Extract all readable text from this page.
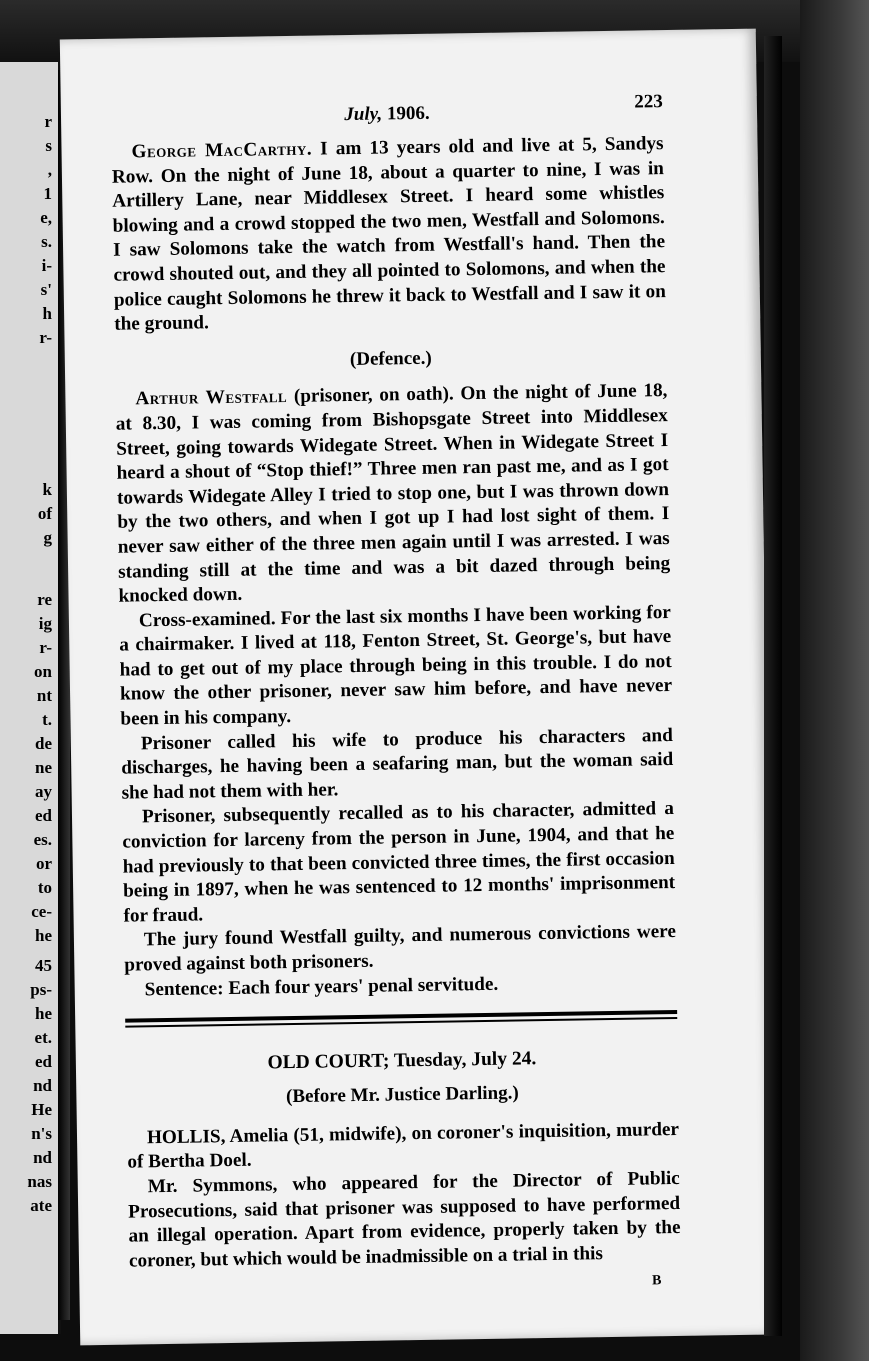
r
s
,
1
e,
s.
i-
s'
h
r-
k
of
g
re
ig
r-
on
nt
t.
de
ne
ay
ed
es.
or
to
ce-
he
45
ps-
he
et.
ed
nd
He
n's
nd
nas
ate
July, 1906.
223

George MacCarthy. I am 13 years old and live at 5, Sandys Row. On the night of June 18, about a quarter to nine, I was in Artillery Lane, near Middlesex Street. I heard some whistles blowing and a crowd stopped the two men, Westfall and Solomons. I saw Solomons take the watch from Westfall's hand. Then the crowd shouted out, and they all pointed to Solomons, and when the police caught Solomons he threw it back to Westfall and I saw it on the ground.

(Defence.)

Arthur Westfall (prisoner, on oath). On the night of June 18, at 8.30, I was coming from Bishopsgate Street into Middlesex Street, going towards Widegate Street. When in Widegate Street I heard a shout of “Stop thief!” Three men ran past me, and as I got towards Widegate Alley I tried to stop one, but I was thrown down by the two others, and when I got up I had lost sight of them. I never saw either of the three men again until I was arrested. I was standing still at the time and was a bit dazed through being knocked down.

Cross-examined. For the last six months I have been working for a chairmaker. I lived at 118, Fenton Street, St. George's, but have had to get out of my place through being in this trouble. I do not know the other prisoner, never saw him before, and have never been in his company.

Prisoner called his wife to produce his characters and discharges, he having been a seafaring man, but the woman said she had not them with her.

Prisoner, subsequently recalled as to his character, admitted a conviction for larceny from the person in June, 1904, and that he had previously to that been convicted three times, the first occasion being in 1897, when he was sentenced to 12 months' imprisonment for fraud.

The jury found Westfall guilty, and numerous convictions were proved against both prisoners.

Sentence: Each four years' penal servitude.

OLD COURT; Tuesday, July 24.
(Before Mr. Justice Darling.)

HOLLIS, Amelia (51, midwife), on coroner's inquisition, murder of Bertha Doel.

Mr. Symmons, who appeared for the Director of Public Prosecutions, said that prisoner was supposed to have performed an illegal operation. Apart from evidence, properly taken by the coroner, but which would be inadmissible on a trial in this

B
